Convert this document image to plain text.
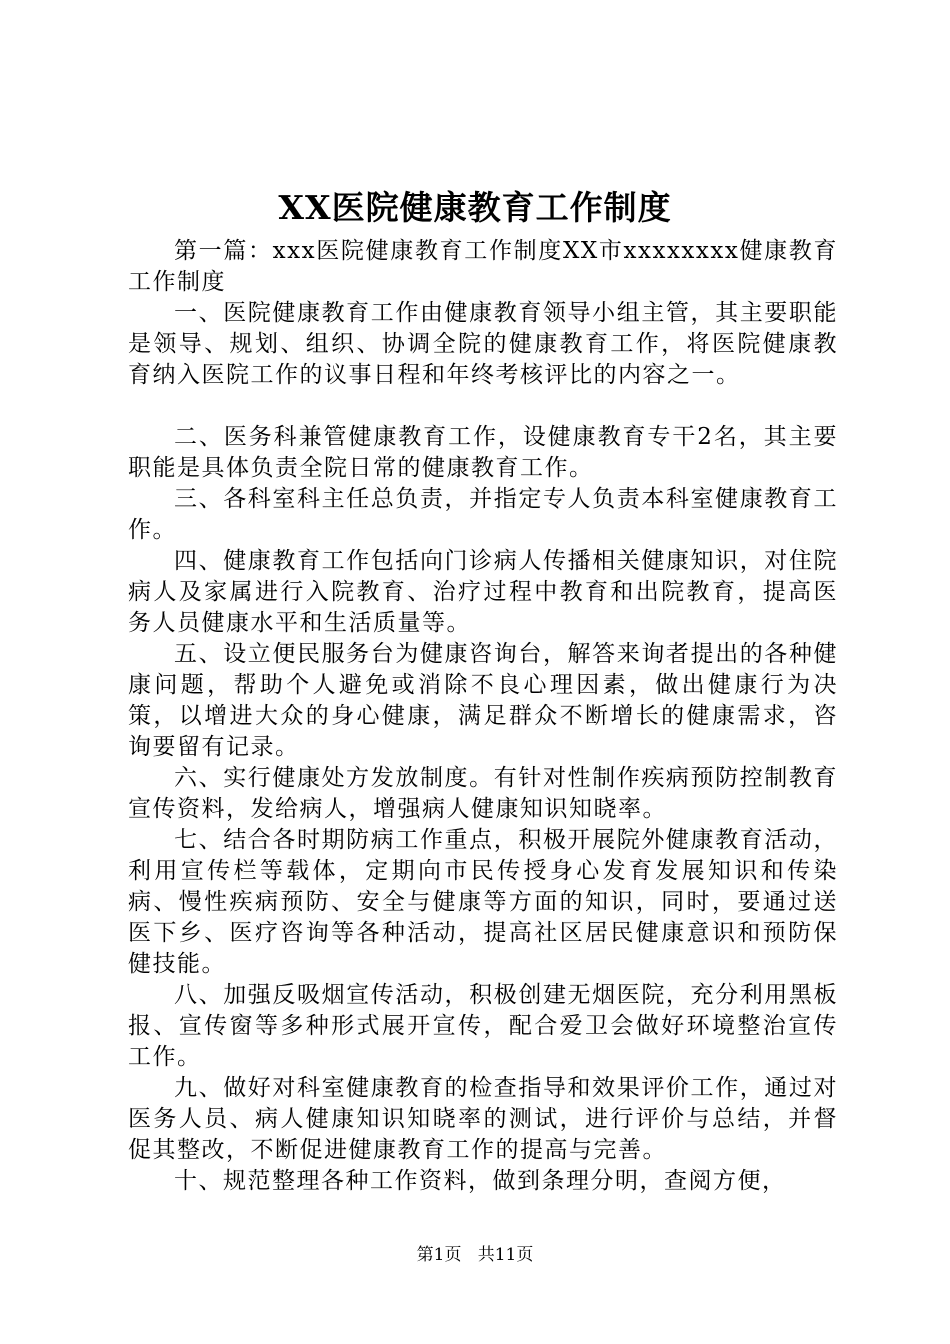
XX医院健康教育工作制度

第一篇：xxx医院健康教育工作制度XX市xxxxxxxx健康教育工作制度

一、医院健康教育工作由健康教育领导小组主管，其主要职能是领导、规划、组织、协调全院的健康教育工作，将医院健康教育纳入医院工作的议事日程和年终考核评比的内容之一。

二、医务科兼管健康教育工作，设健康教育专干2名，其主要职能是具体负责全院日常的健康教育工作。

三、各科室科主任总负责，并指定专人负责本科室健康教育工作。

四、健康教育工作包括向门诊病人传播相关健康知识，对住院病人及家属进行入院教育、治疗过程中教育和出院教育，提高医务人员健康水平和生活质量等。

五、设立便民服务台为健康咨询台，解答来询者提出的各种健康问题，帮助个人避免或消除不良心理因素，做出健康行为决策，以增进大众的身心健康，满足群众不断增长的健康需求，咨询要留有记录。

六、实行健康处方发放制度。有针对性制作疾病预防控制教育宣传资料，发给病人，增强病人健康知识知晓率。

七、结合各时期防病工作重点，积极开展院外健康教育活动，利用宣传栏等载体，定期向市民传授身心发育发展知识和传染病、慢性疾病预防、安全与健康等方面的知识，同时，要通过送医下乡、医疗咨询等各种活动，提高社区居民健康意识和预防保健技能。

八、加强反吸烟宣传活动，积极创建无烟医院，充分利用黑板报、宣传窗等多种形式展开宣传，配合爱卫会做好环境整治宣传工作。

九、做好对科室健康教育的检查指导和效果评价工作，通过对医务人员、病人健康知识知晓率的测试，进行评价与总结，并督促其整改，不断促进健康教育工作的提高与完善。

十、规范整理各种工作资料，做到条理分明，查阅方便，

第1页 共11页
